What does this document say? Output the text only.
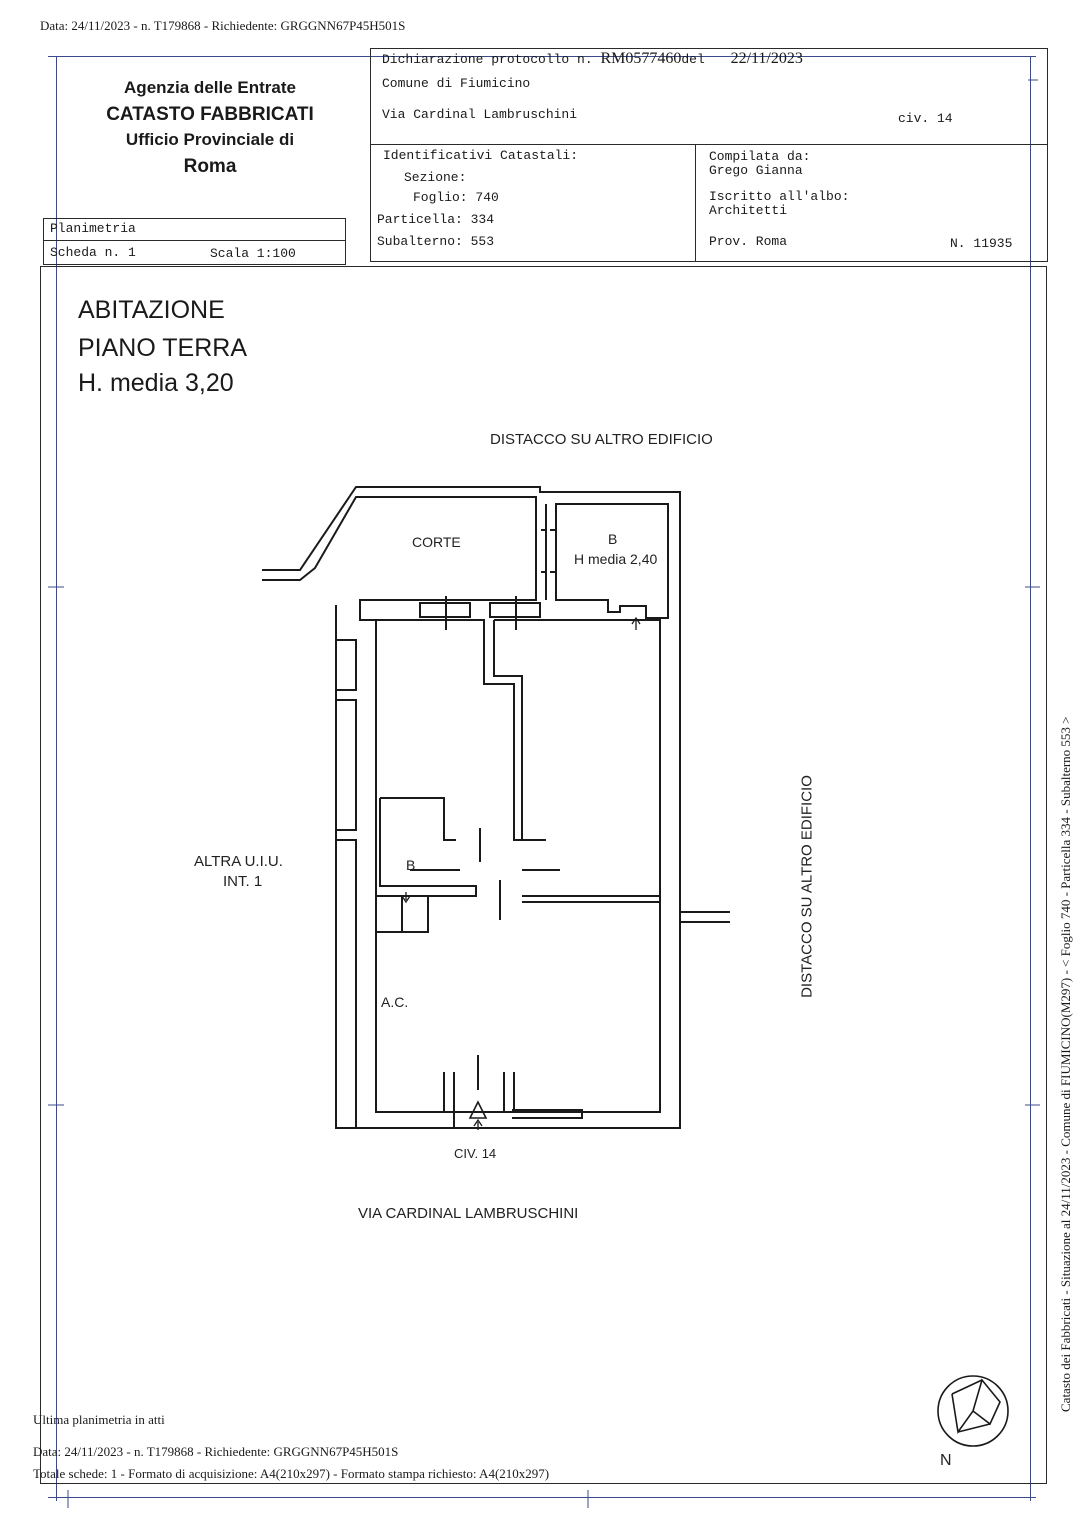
Data: 24/11/2023 - n. T179868 - Richiedente: GRGGNN67P45H501S
Agenzia delle Entrate
CATASTO FABBRICATI
Ufficio Provinciale di
Roma
Dichiarazione protocollo n. RM0577460del 22/11/2023
Comune di Fiumicino
Via Cardinal Lambruschini	civ. 14
Identificativi Catastali:
Sezione:
Foglio: 740
Particella: 334
Subalterno: 553
Compilata da:
Grego Gianna
Iscritto all'albo:
Architetti
Prov. Roma	N. 11935
Planimetria
Scheda n. 1	Scala 1:100
ABITAZIONE
PIANO TERRA
H. media 3,20
DISTACCO SU ALTRO EDIFICIO
DISTACCO SU ALTRO EDIFICIO
ALTRA U.I.U.
INT. 1
CORTE	B
H media 2,40
B
A.C.
CIV. 14
VIA CARDINAL LAMBRUSCHINI
N
Ultima planimetria in atti
Data: 24/11/2023 - n. T179868 - Richiedente: GRGGNN67P45H501S
Totale schede: 1 - Formato di acquisizione: A4(210x297) - Formato stampa richiesto: A4(210x297)
Catasto dei Fabbricati - Situazione al 24/11/2023 - Comune di FIUMICINO(M297) - < Foglio 740 - Particella 334 - Subalterno 553 >
